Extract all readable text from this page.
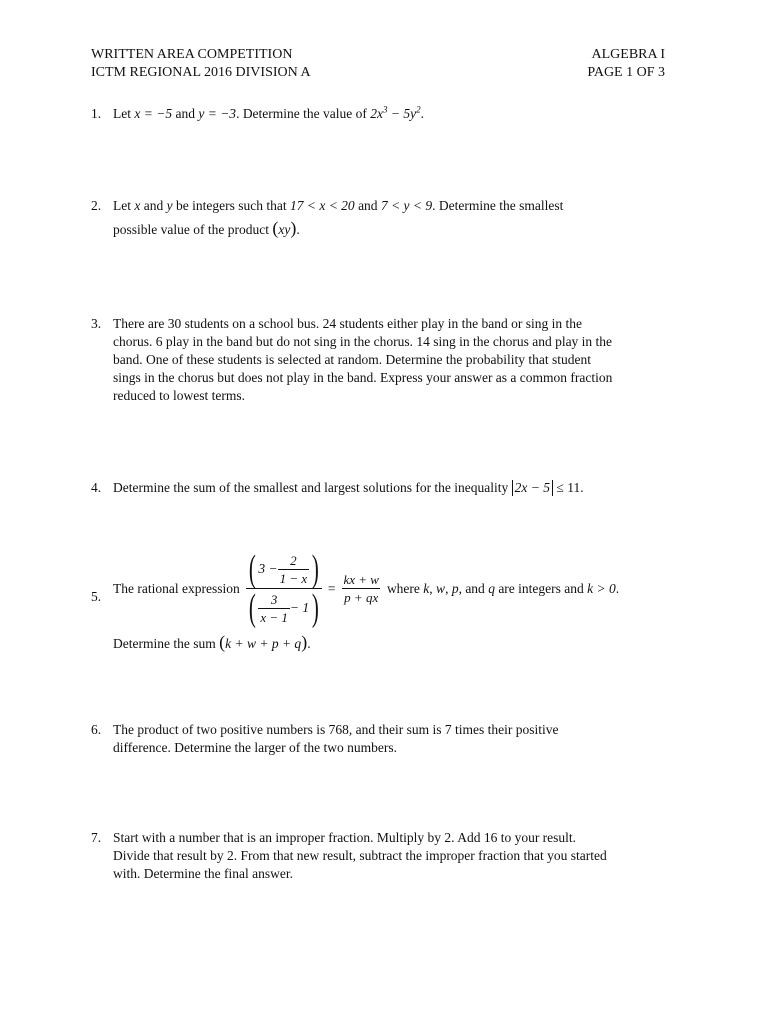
WRITTEN AREA COMPETITION
ICTM REGIONAL 2016 DIVISION A
ALGEBRA I
PAGE 1 OF 3
1. Let x = −5 and y = −3. Determine the value of $2x^3 - 5y^2$.
2. Let x and y be integers such that 17 < x < 20 and 7 < y < 9. Determine the smallest
possible value of the product (xy).
3. There are 30 students on a school bus. 24 students either play in the band or sing in the
chorus. 6 play in the band but do not sing in the chorus. 14 sing in the chorus and play in the
band. One of these students is selected at random. Determine the probability that student
sings in the chorus but does not play in the band. Express your answer as a common fraction
reduced to lowest terms.
4. Determine the sum of the smallest and largest solutions for the inequality 2x − 5 ≤ 11.
5.
The rational expression ( $3 - \frac{2}{1 - x}$ )
( $\frac{3}{x - 1} - 1$ ) = $\frac{kx + w}{p + qx}$ where k, w, p, and q are integers and k > 0.
Determine the sum (k + w + p + q).
6. The product of two positive numbers is 768, and their sum is 7 times their positive
difference. Determine the larger of the two numbers.
7. Start with a number that is an improper fraction. Multiply by 2. Add 16 to your result.
Divide that result by 2. From that new result, subtract the improper fraction that you started
with. Determine the final answer.
